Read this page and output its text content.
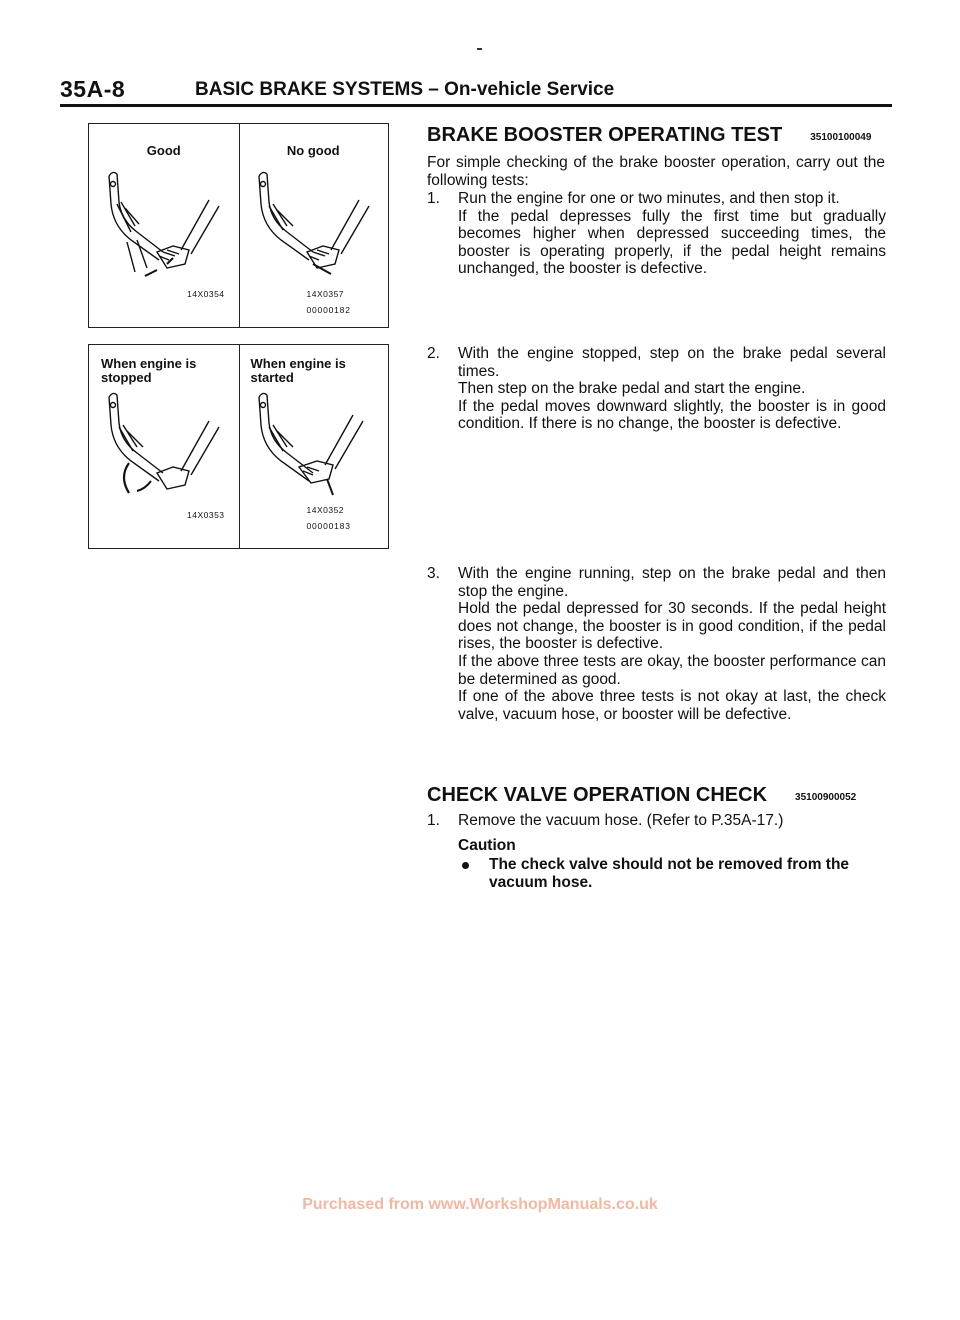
35A-8	BASIC BRAKE SYSTEMS – On-vehicle Service
Good
14X0354
No good
14X0357
00000182
When engine is
stopped
14X0353
When engine is
started
14X0352
00000183
BRAKE BOOSTER OPERATING TEST	35100100049
For simple checking of the brake booster operation, carry out the following tests:
1. Run the engine for one or two minutes, and then stop it.

If the pedal depresses fully the first time but gradually becomes higher when depressed succeeding times, the booster is operating properly, if the pedal height remains unchanged, the booster is defective.

2. With the engine stopped, step on the brake pedal several times.

Then step on the brake pedal and start the engine.

If the pedal moves downward slightly, the booster is in good condition. If there is no change, the booster is defective.

3. With the engine running, step on the brake pedal and then stop the engine.

Hold the pedal depressed for 30 seconds. If the pedal height does not change, the booster is in good condition, if the pedal rises, the booster is defective.

If the above three tests are okay, the booster performance can be determined as good.

If one of the above three tests is not okay at last, the check valve, vacuum hose, or booster will be defective.

CHECK VALVE OPERATION CHECK	35100900052
1. Remove the vacuum hose. (Refer to P.35A-17.)
Caution
The check valve should not be removed from the vacuum hose.
Purchased from www.WorkshopManuals.co.uk
